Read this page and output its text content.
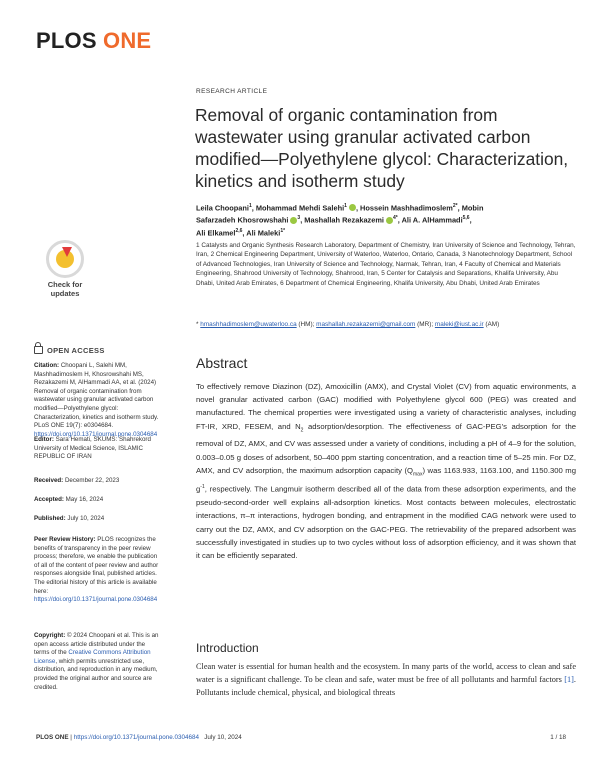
PLOS ONE
Check for updates
OPEN ACCESS
Citation: Choopani L, Salehi MM, Mashhadimoslem H, Khosrowshahi MS, Rezakazemi M, AlHammadi AA, et al. (2024) Removal of organic contamination from wastewater using granular activated carbon modified—Polyethylene glycol: Characterization, kinetics and isotherm study. PLoS ONE 19(7): e0304684. https://doi.org/10.1371/journal.pone.0304684
Editor: Sara Hemati, SKUMS: Shahrekord University of Medical Science, ISLAMIC REPUBLIC OF IRAN
Received: December 22, 2023
Accepted: May 16, 2024
Published: July 10, 2024
Peer Review History: PLOS recognizes the benefits of transparency in the peer review process; therefore, we enable the publication of all of the content of peer review and author responses alongside final, published articles. The editorial history of this article is available here: https://doi.org/10.1371/journal.pone.0304684
Copyright: © 2024 Choopani et al. This is an open access article distributed under the terms of the Creative Commons Attribution License, which permits unrestricted use, distribution, and reproduction in any medium, provided the original author and source are credited.
RESEARCH ARTICLE
Removal of organic contamination from wastewater using granular activated carbon modified—Polyethylene glycol: Characterization, kinetics and isotherm study
Leila Choopani$^1$, Mohammad Mehdi Salehi$^1$ , Hossein Mashhadimoslem$^{2*}$, Mobin
Safarzadeh Khosrowshahi $^3$, Mashallah Rezakazemi $^{4*}$, Ali A. AlHammadi$^{5,6}$,
Ali Elkamel$^{2,6}$, Ali Maleki$^{1*}$
1 Catalysts and Organic Synthesis Research Laboratory, Department of Chemistry, Iran University of Science and Technology, Tehran, Iran, 2 Chemical Engineering Department, University of Waterloo, Waterloo, Ontario, Canada, 3 Nanotechnology Department, School of Advanced Technologies, Iran University of Science and Technology, Narmak, Tehran, Iran, 4 Faculty of Chemical and Materials Engineering, Shahrood University of Technology, Shahrood, Iran, 5 Center for Catalysis and Separations, Khalifa University, Abu Dhabi, United Arab Emirates, 6 Department of Chemical Engineering, Khalifa University, Abu Dhabi, United Arab Emirates
* hmashhadimoslem@uwaterloo.ca (HM); mashallah.rezakazemi@gmail.com (MR); maleki@iust.ac.ir (AM)
Abstract
To effectively remove Diazinon (DZ), Amoxicillin (AMX), and Crystal Violet (CV) from aquatic environments, a novel granular activated carbon (GAC) modified with Polyethylene glycol 600 (PEG) was created and manufactured. The chemical properties were investigated using a variety of characteristic analyses, including FT-IR, XRD, FESEM, and $N_2$ adsorption/desorption. The effectiveness of GAC-PEG's adsorption for the removal of DZ, AMX, and CV was assessed under a variety of conditions, including a pH of 4–9 for the solution, 0.003–0.05 g doses of adsorbent, 50–400 ppm starting concentration, and a reaction time of 5–25 min. For DZ, AMX, and CV adsorption, the maximum adsorption capacity $(Q_{max})$ was 1163.933, 1163.100, and 1150.300 mg $g^{-1}$, respectively. The Langmuir isotherm described all of the data from these adsorption experiments, and the pseudo-second-order well explains all-adsorption kinetics. Most contacts between molecules, electrostatic interactions, π–π interactions, hydrogen bonding, and entrapment in the modified CAG network were used to carry out the DZ, AMX, and CV adsorption on the GAC-PEG. The retrievability of the prepared adsorbent was successfully investigated in studies up to two cycles without loss of adsorption efficiency, and it was shown that it can be efficiently separated.
Introduction
Clean water is essential for human health and the ecosystem. In many parts of the world, access to clean and safe water is a significant challenge. To be clean and safe, water must be free of all pollutants and harmful factors [1]. Pollutants include chemical, physical, and biological threats
PLOS ONE | https://doi.org/10.1371/journal.pone.0304684 July 10, 2024	1 / 18
